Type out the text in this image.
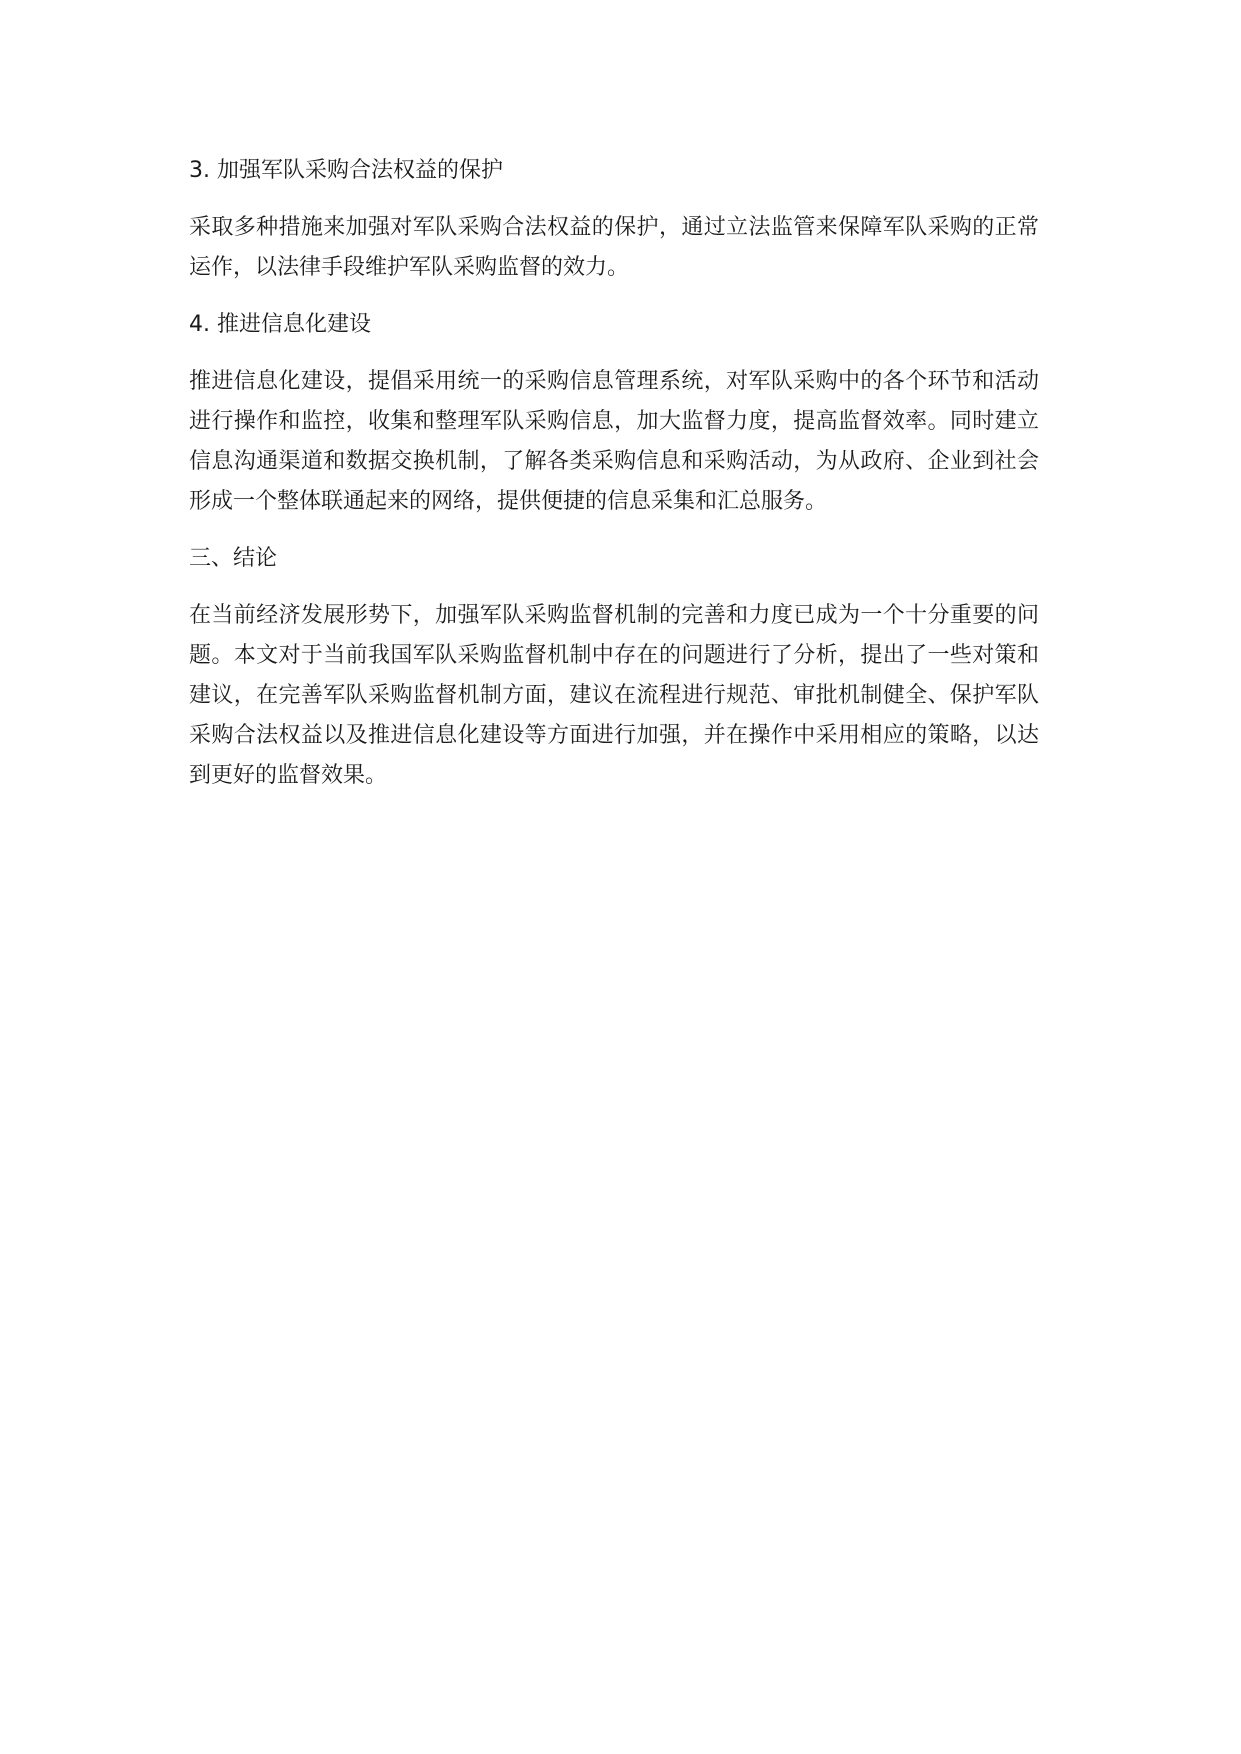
3. 加强军队采购合法权益的保护

采取多种措施来加强对军队采购合法权益的保护，通过立法监管来保障军队采购的正常运作，以法律手段维护军队采购监督的效力。

4. 推进信息化建设

推进信息化建设，提倡采用统一的采购信息管理系统，对军队采购中的各个环节和活动进行操作和监控，收集和整理军队采购信息，加大监督力度，提高监督效率。同时建立信息沟通渠道和数据交换机制，了解各类采购信息和采购活动，为从政府、企业到社会形成一个整体联通起来的网络，提供便捷的信息采集和汇总服务。

三、结论

在当前经济发展形势下，加强军队采购监督机制的完善和力度已成为一个十分重要的问题。本文对于当前我国军队采购监督机制中存在的问题进行了分析，提出了一些对策和建议，在完善军队采购监督机制方面，建议在流程进行规范、审批机制健全、保护军队采购合法权益以及推进信息化建设等方面进行加强，并在操作中采用相应的策略，以达到更好的监督效果。
